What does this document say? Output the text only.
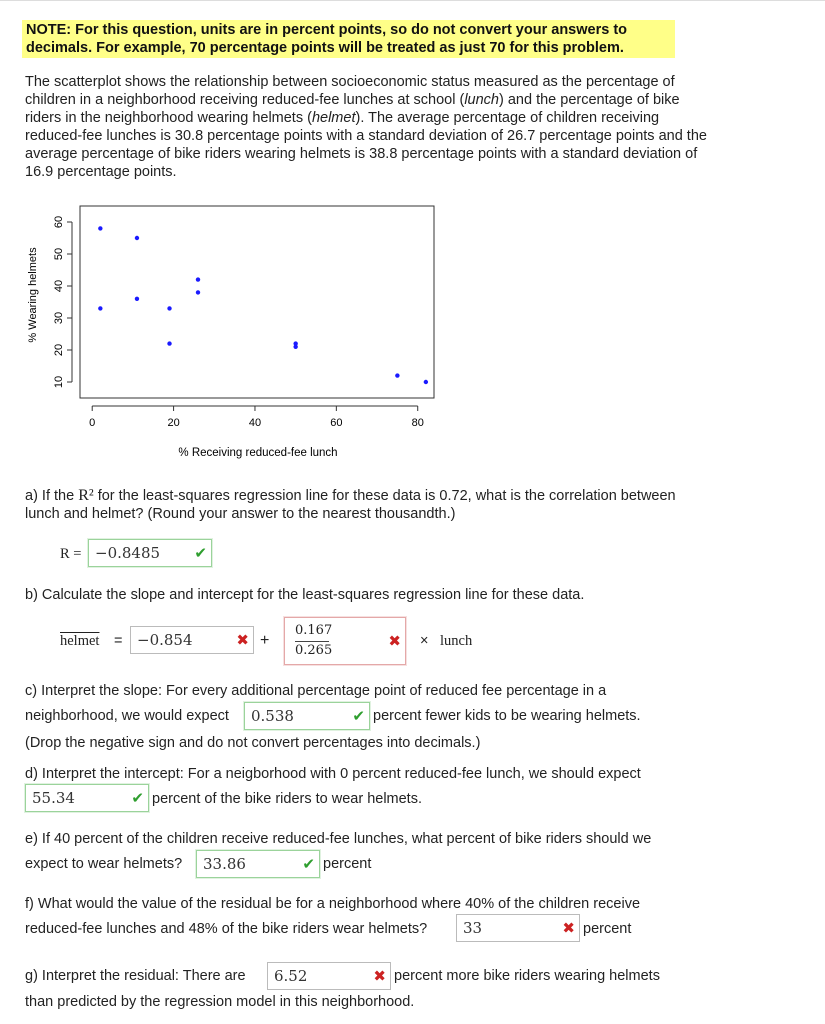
NOTE: For this question, units are in percent points, so do not convert your answers to decimals. For example, 70 percentage points will be treated as just 70 for this problem.
The scatterplot shows the relationship between socioeconomic status measured as the percentage of children in a neighborhood receiving reduced-fee lunches at school (lunch) and the percentage of bike riders in the neighborhood wearing helmets (helmet). The average percentage of children receiving reduced-fee lunches is 30.8 percentage points with a standard deviation of 26.7 percentage points and the average percentage of bike riders wearing helmets is 38.8 percentage points with a standard deviation of 16.9 percentage points.
% Wearing helmets
% Receiving reduced-fee lunch
0	20	40	60	80
10
20
30
40
50
60
a) If the R² for the least-squares regression line for these data is 0.72, what is the correlation between lunch and helmet? (Round your answer to the nearest thousandth.)
R = −0.8485 ✔
b) Calculate the slope and intercept for the least-squares regression line for these data.
helmet = −0.854	✖ +
0.167
0.265
✖ × lunch
c) Interpret the slope: For every additional percentage point of reduced fee percentage in a
neighborhood, we would expect	0.538	✔ percent fewer kids to be wearing helmets.
(Drop the negative sign and do not convert percentages into decimals.)
d) Interpret the intercept: For a neigborhood with 0 percent reduced-fee lunch, we should expect
55.34	✔ percent of the bike riders to wear helmets.
e) If 40 percent of the children receive reduced-fee lunches, what percent of bike riders should we
expect to wear helmets?	33.86	✔ percent
f) What would the value of the residual be for a neighborhood where 40% of the children receive
reduced-fee lunches and 48% of the bike riders wear helmets?	33	✖ percent
g) Interpret the residual: There are	6.52	✖ percent more bike riders wearing helmets
than predicted by the regression model in this neighborhood.
